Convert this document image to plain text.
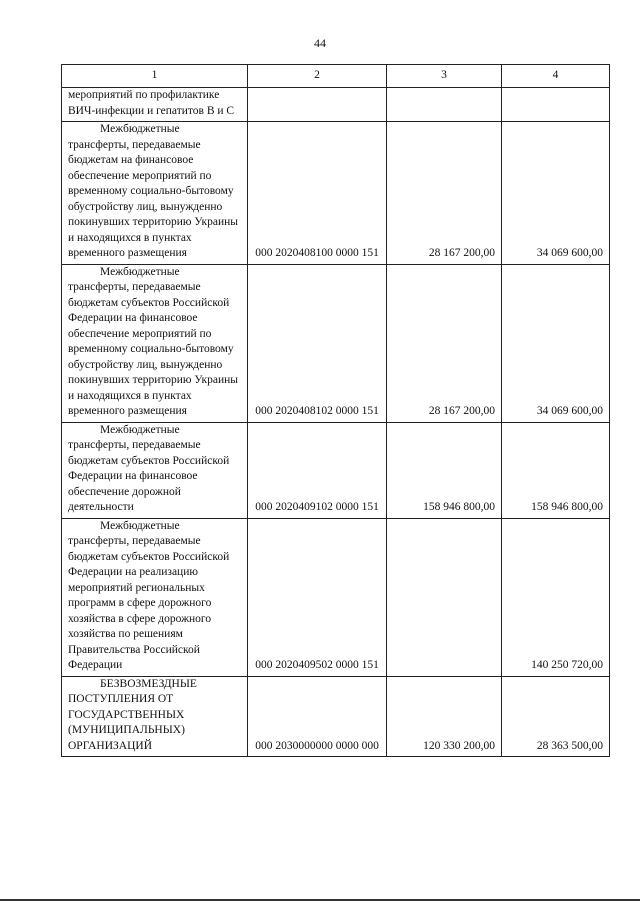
44
1	2	3	4
мероприятий по профилактике ВИЧ-инфекции и гепатитов В и С			

Межбюджетные
трансферты, передаваемые бюджетам на финансовое обеспечение мероприятий по временному социально-бытовому обустройству лиц, вынужденно покинувших территорию Украины и находящихся в пунктах временного размещения	000 2020408100 0000 151	28 167 200,00	34 069 600,00

Межбюджетные
трансферты, передаваемые бюджетам субъектов Российской Федерации на финансовое обеспечение мероприятий по временному социально-бытовому обустройству лиц, вынужденно покинувших территорию Украины и находящихся в пунктах временного размещения	000 2020408102 0000 151	28 167 200,00	34 069 600,00

Межбюджетные
трансферты, передаваемые бюджетам субъектов Российской Федерации на финансовое обеспечение дорожной деятельности	000 2020409102 0000 151	158 946 800,00	158 946 800,00

Межбюджетные
трансферты, передаваемые бюджетам субъектов Российской Федерации на реализацию мероприятий региональных программ в сфере дорожного хозяйства в сфере дорожного хозяйства по решениям Правительства Российской Федерации	000 2020409502 0000 151		140 250 720,00

БЕЗВОЗМЕЗДНЫЕ
ПОСТУПЛЕНИЯ ОТ ГОСУДАРСТВЕННЫХ (МУНИЦИПАЛЬНЫХ) ОРГАНИЗАЦИЙ	000 2030000000 0000 000	120 330 200,00	28 363 500,00
